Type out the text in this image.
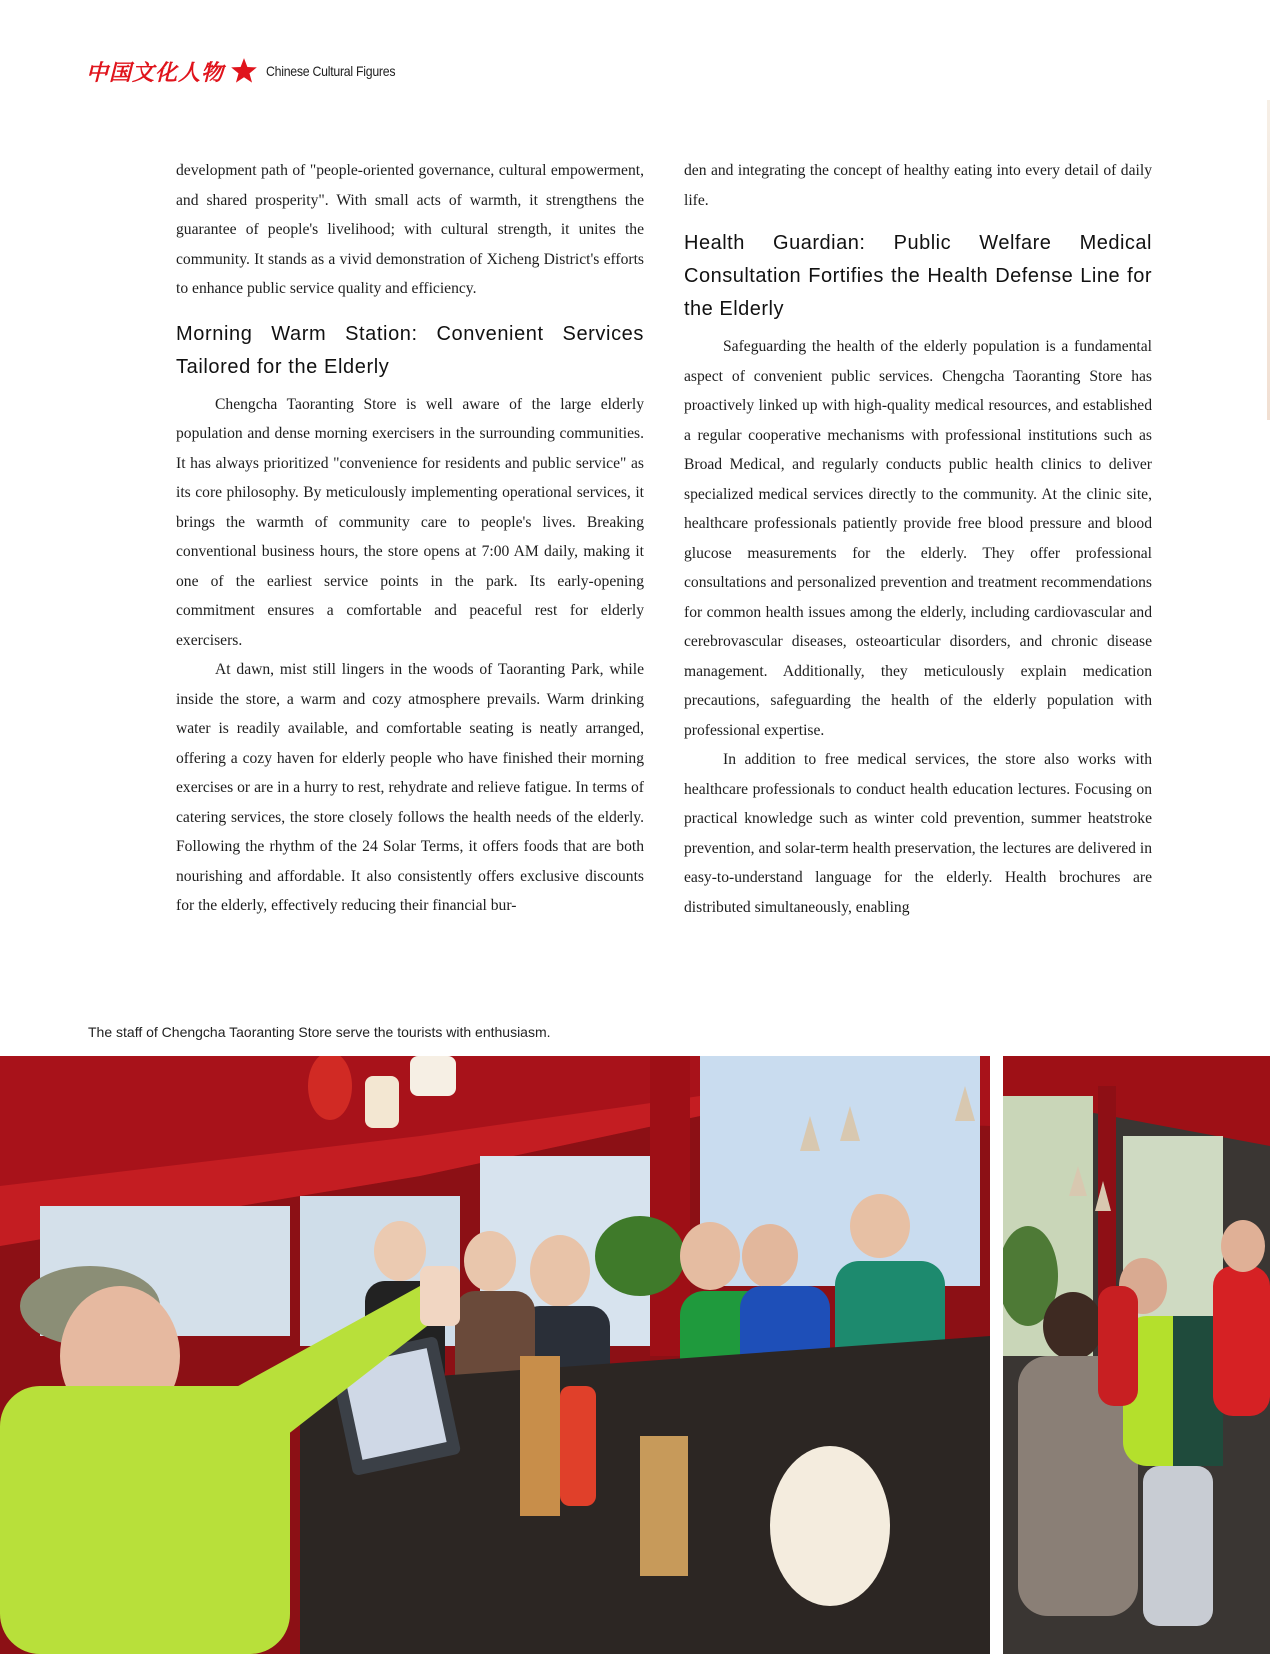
中国文化人物	Chinese Cultural Figures

development path of "people-oriented governance, cultural empowerment, and shared prosperity". With small acts of warmth, it strengthens the guarantee of people's livelihood; with cultural strength, it unites the community. It stands as a vivid demonstration of Xicheng District's efforts to enhance public service quality and efficiency.

Morning Warm Station: Convenient Services Tailored for the Elderly

Chengcha Taoranting Store is well aware of the large elderly population and dense morning exercisers in the surrounding communities. It has always prioritized "convenience for residents and public service" as its core philosophy. By meticulously implementing operational services, it brings the warmth of community care to people's lives. Breaking conventional business hours, the store opens at 7:00 AM daily, making it one of the earliest service points in the park. Its early-opening commitment ensures a comfortable and peaceful rest for elderly exercisers.

At dawn, mist still lingers in the woods of Taoranting Park, while inside the store, a warm and cozy atmosphere prevails. Warm drinking water is readily available, and comfortable seating is neatly arranged, offering a cozy haven for elderly people who have finished their morning exercises or are in a hurry to rest, rehydrate and relieve fatigue. In terms of catering services, the store closely follows the health needs of the elderly. Following the rhythm of the 24 Solar Terms, it offers foods that are both nourishing and affordable. It also consistently offers exclusive discounts for the elderly, effectively reducing their financial bur-

den and integrating the concept of healthy eating into every detail of daily life.

Health Guardian: Public Welfare Medical Consultation Fortifies the Health Defense Line for the Elderly

Safeguarding the health of the elderly population is a fundamental aspect of convenient public services. Chengcha Taoranting Store has proactively linked up with high-quality medical resources, and established a regular cooperative mechanisms with professional institutions such as Broad Medical, and regularly conducts public health clinics to deliver specialized medical services directly to the community. At the clinic site, healthcare professionals patiently provide free blood pressure and blood glucose measurements for the elderly. They offer professional consultations and personalized prevention and treatment recommendations for common health issues among the elderly, including cardiovascular and cerebrovascular diseases, osteoarticular disorders, and chronic disease management. Additionally, they meticulously explain medication precautions, safeguarding the health of the elderly population with professional expertise.

In addition to free medical services, the store also works with healthcare professionals to conduct health education lectures. Focusing on practical knowledge such as winter cold prevention, summer heatstroke prevention, and solar-term health preservation, the lectures are delivered in easy-to-understand language for the elderly. Health brochures are distributed simultaneously, enabling

The staff of Chengcha Taoranting Store serve the tourists with enthusiasm.
